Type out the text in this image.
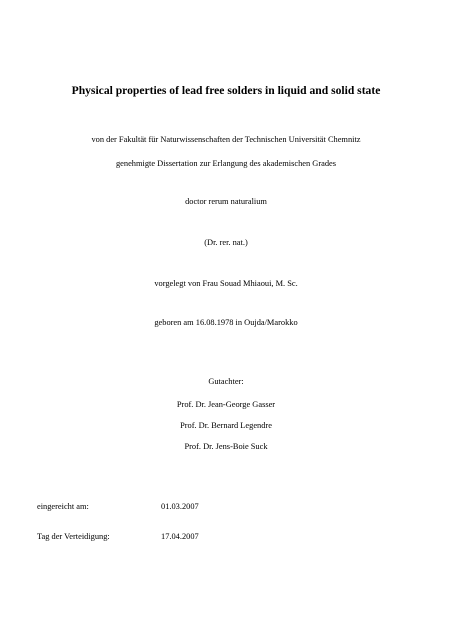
Physical properties of lead free solders in liquid and solid state
von der Fakultät für Naturwissenschaften der Technischen Universität Chemnitz
genehmigte Dissertation zur Erlangung des akademischen Grades
doctor rerum naturalium
(Dr. rer. nat.)
vorgelegt von Frau Souad Mhiaoui, M. Sc.
geboren am 16.08.1978 in Oujda/Marokko
Gutachter:
Prof. Dr. Jean-George Gasser
Prof. Dr. Bernard Legendre
Prof. Dr. Jens-Boie Suck
eingereicht am:	01.03.2007
Tag der Verteidigung:	17.04.2007
